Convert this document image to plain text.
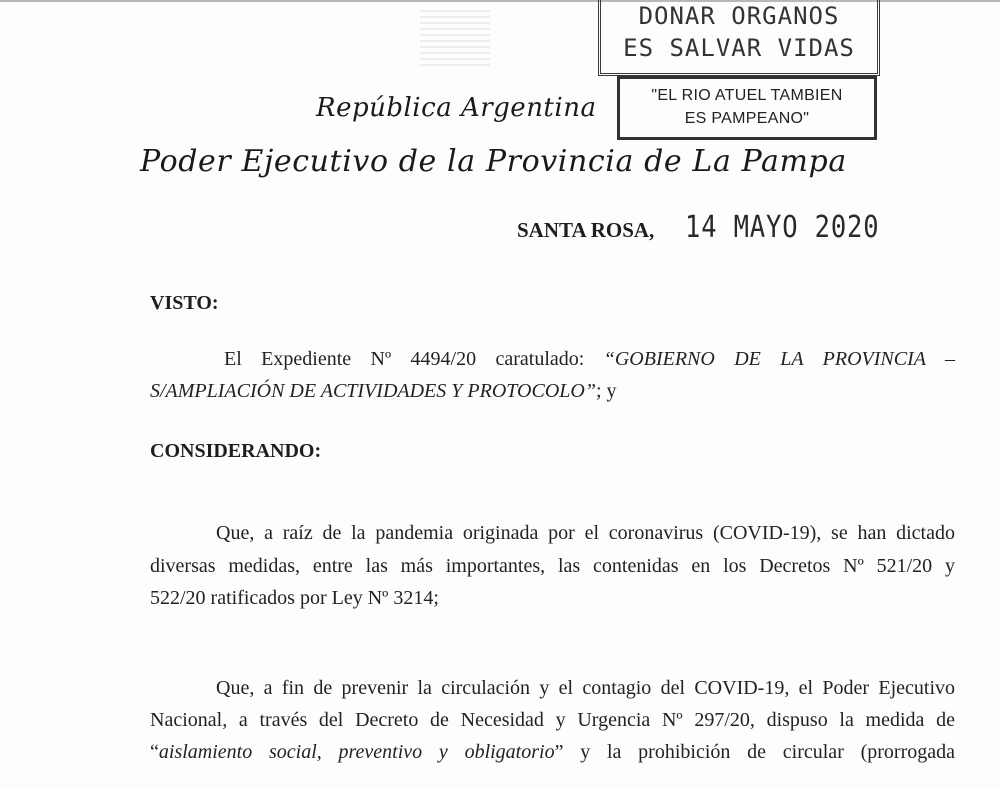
DONAR ORGANOS
ES SALVAR VIDAS
"EL RIO ATUEL TAMBIEN
ES PAMPEANO"
República Argentina
Poder Ejecutivo de la Provincia de La Pampa
SANTA ROSA, 14 MAYO 2020
VISTO:
El Expediente Nº 4494/20 caratulado: “GOBIERNO DE LA PROVINCIA –
S/AMPLIACIÓN DE ACTIVIDADES Y PROTOCOLO”; y
CONSIDERANDO:
Que, a raíz de la pandemia originada por el coronavirus (COVID-19), se han dictado
diversas medidas, entre las más importantes, las contenidas en los Decretos Nº 521/20 y
522/20 ratificados por Ley Nº 3214;
Que, a fin de prevenir la circulación y el contagio del COVID-19, el Poder Ejecutivo
Nacional, a través del Decreto de Necesidad y Urgencia Nº 297/20, dispuso la medida de
“aislamiento social, preventivo y obligatorio” y la prohibición de circular (prorrogada
